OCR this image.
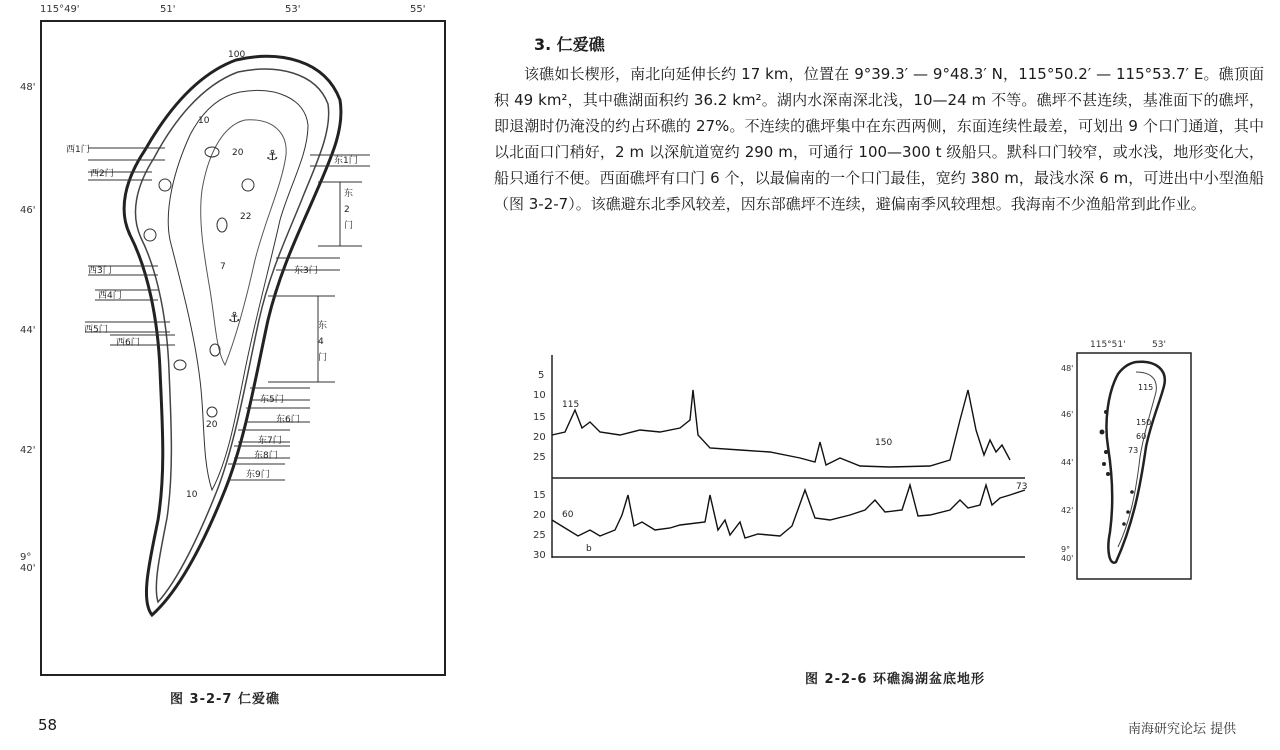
⚓
⚓
115°49'	51'	53'	55'
48'
46'
44'
42'
9°
40'
100
10
20
22
7
10
20
西1门
西2门
西3门
西4门
西5门
西6门
东1门
东2门
东3门
东4门
东5门
东6门
东7门
东8门
东9门
图 3-2-7 仁爱礁
3. 仁爱礁
该礁如长楔形，南北向延伸长约 17 km，位置在 9°39.3′ — 9°48.3′ N，115°50.2′ — 115°53.7′ E。礁顶面积 49 km²，其中礁湖面积约 36.2 km²。湖内水深南深北浅，10—24 m 不等。礁坪不甚连续，基准面下的礁坪，即退潮时仍淹没的约占环礁的 27%。不连续的礁坪集中在东西两侧，东面连续性最差，可划出 9 个口门通道，其中以北面口门稍好，2 m 以深航道宽约 290 m，可通行 100—300 t 级船只。默科口门较窄，或水浅，地形变化大，船只通行不便。西面礁坪有口门 6 个，以最偏南的一个口门最佳，宽约 380 m，最浅水深 6 m，可进出中小型渔船（图 3-2-7）。该礁避东北季风较差，因东部礁坪不连续，避偏南季风较理想。我海南不少渔船常到此作业。
5
10
15
20
25
15
20
25
30
115
150
60
73
b
图 2-2-6 环礁潟湖盆底地形
115°51'	53'
48'
46'
44'
42'
9°
40'
115
150
60
73
58	南海研究论坛 提供
